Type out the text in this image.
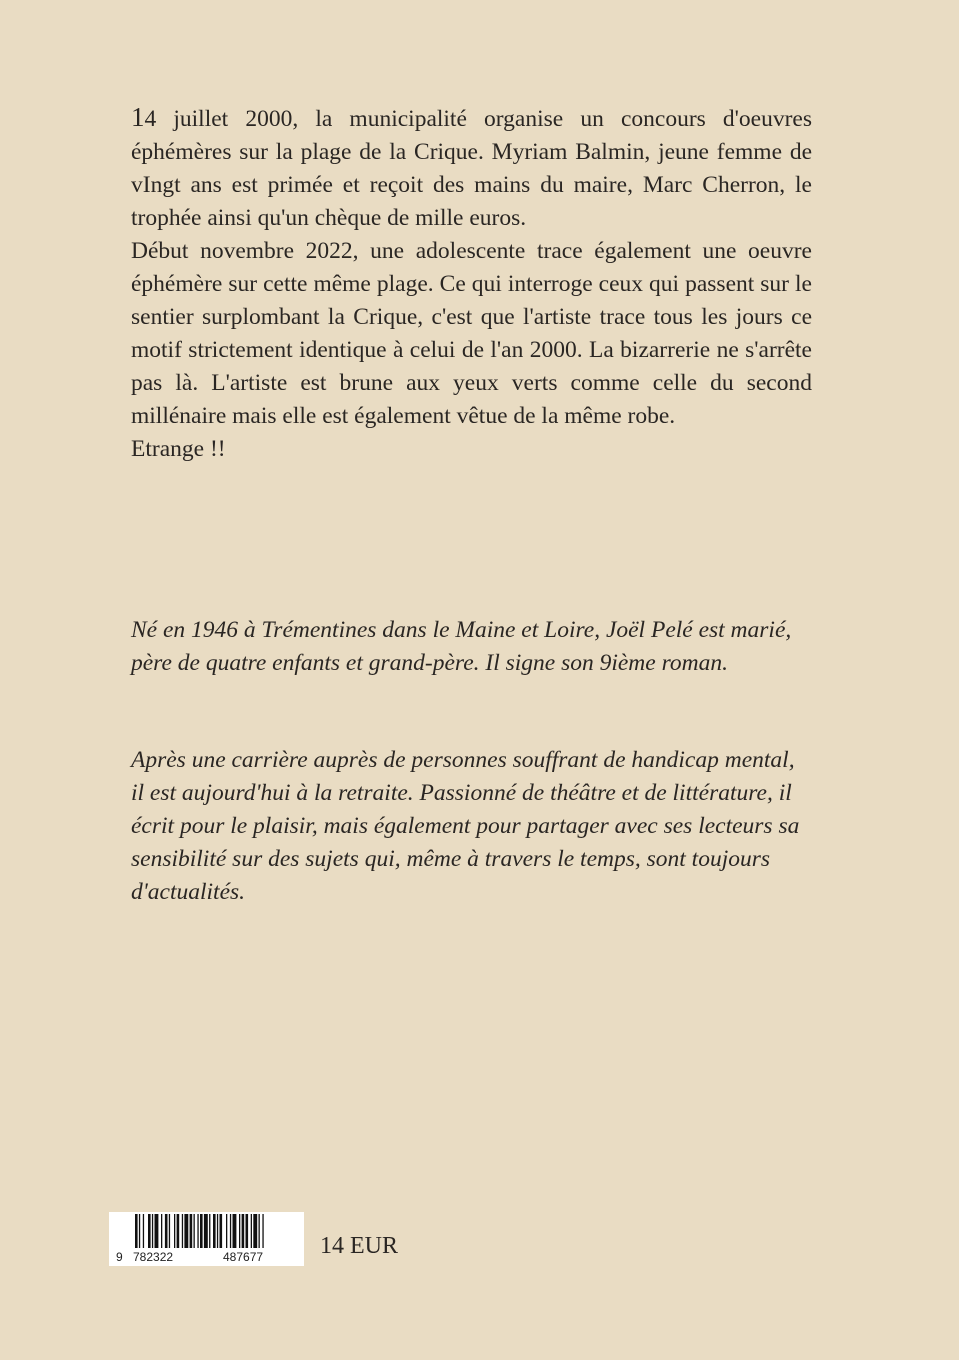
14 juillet 2000, la municipalité organise un concours d'oeuvres éphémères sur la plage de la Crique. Myriam Balmin, jeune femme de vIngt ans est primée et reçoit des mains du maire, Marc Cherron, le trophée ainsi qu'un chèque de mille euros.

Début novembre 2022, une adolescente trace également une oeuvre éphémère sur cette même plage. Ce qui interroge ceux qui passent sur le sentier surplombant la Crique, c'est que l'artiste trace tous les jours ce motif strictement identique à celui de l'an 2000. La bizarrerie ne s'arrête pas là. L'artiste est brune aux yeux verts comme celle du second millénaire mais elle est également vêtue de la même robe.

Etrange !!

Né en 1946 à Trémentines dans le Maine et Loire, Joël Pelé est marié, père de quatre enfants et grand-père. Il signe son 9ième roman.

Après une carrière auprès de personnes souffrant de handicap mental, il est aujourd'hui à la retraite. Passionné de théâtre et de littérature, il écrit pour le plaisir, mais également pour partager avec ses lecteurs sa sensibilité sur des sujets qui, même à travers le temps, sont toujours d'actualités.

9 782322	487677 14 EUR
